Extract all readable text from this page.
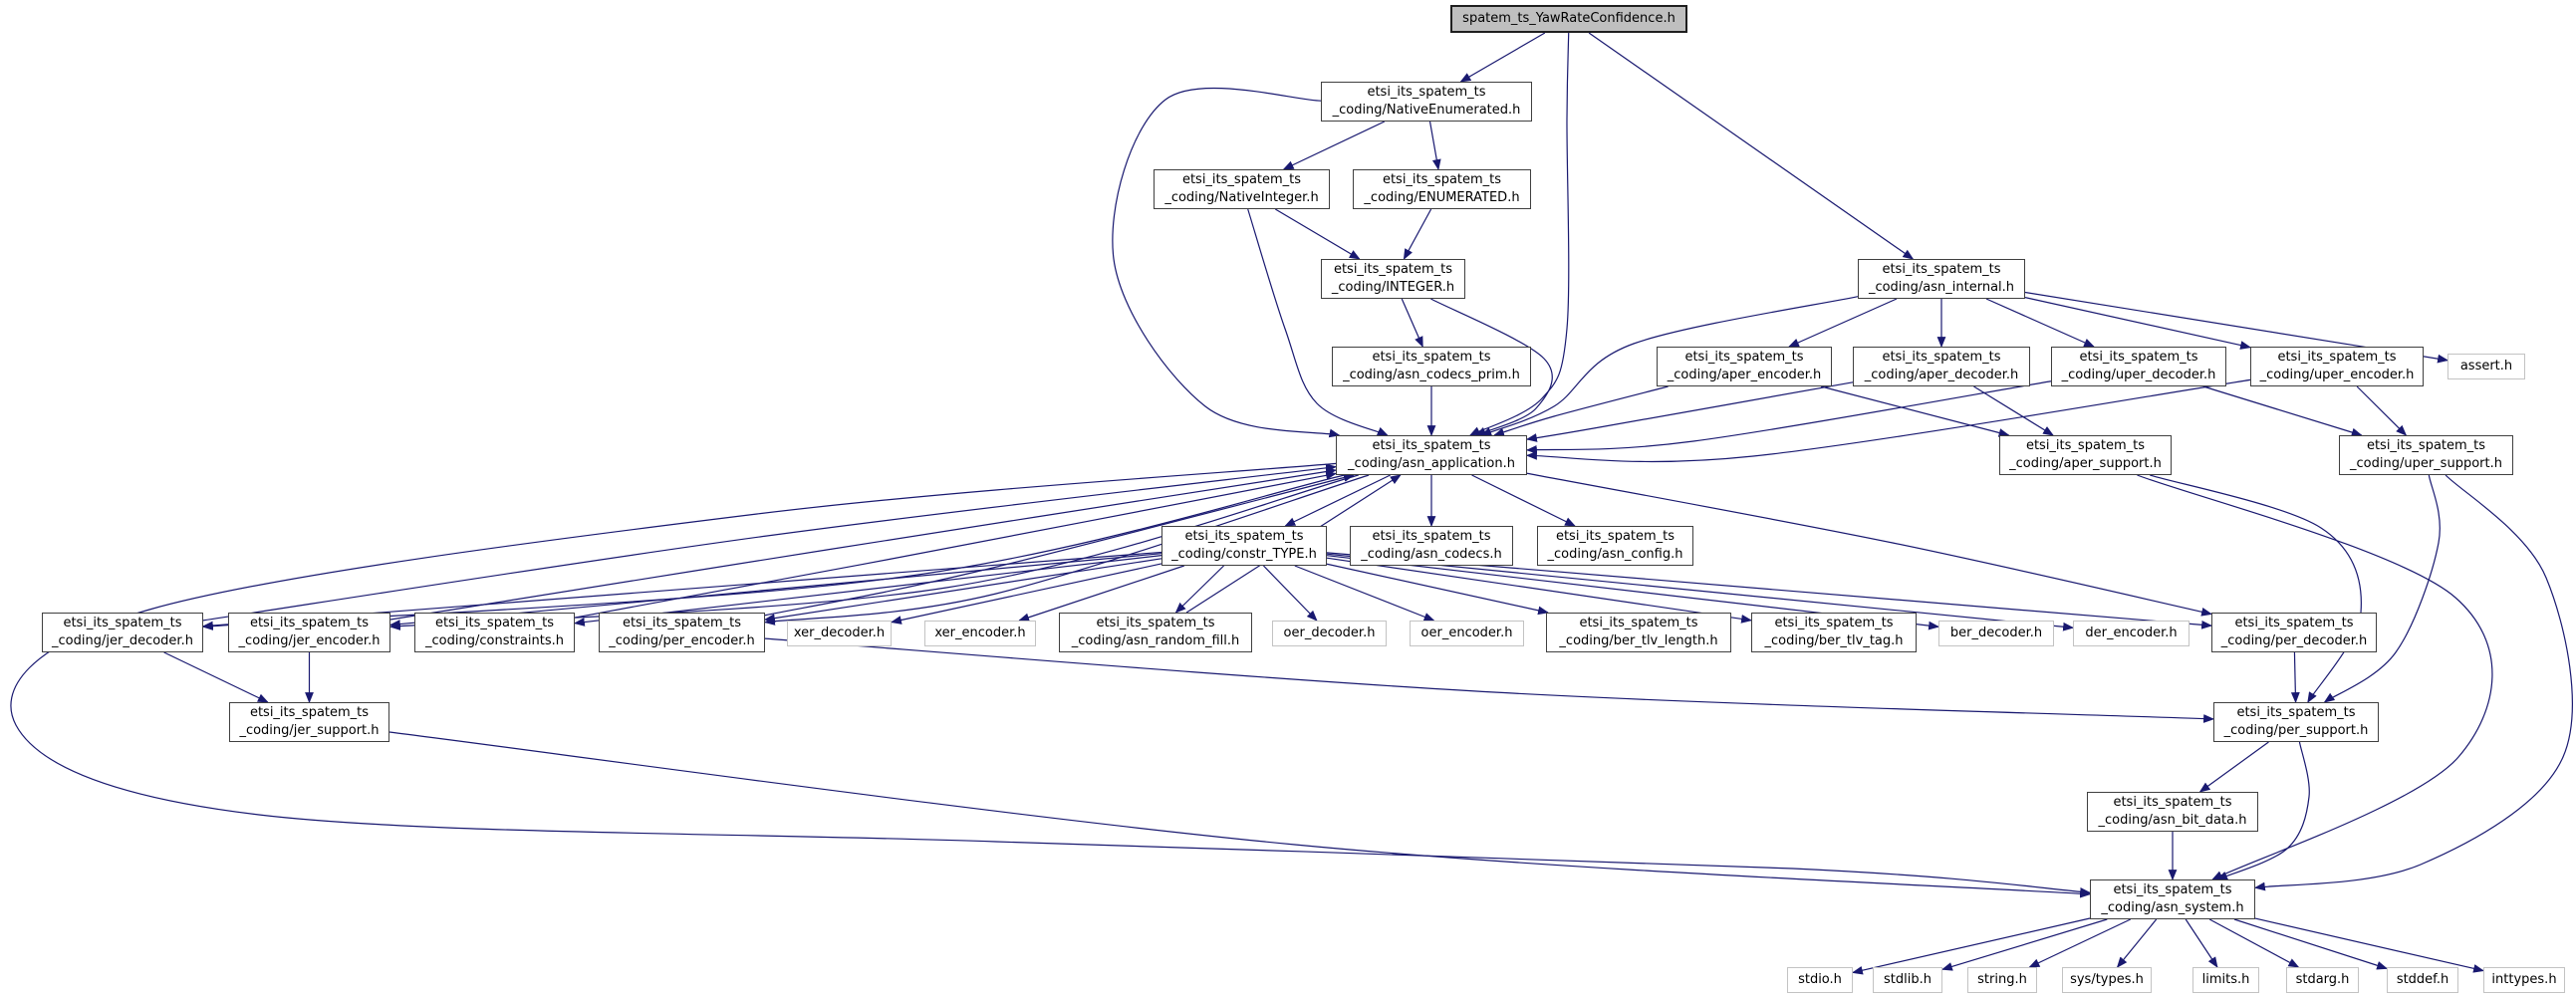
spatem_ts_YawRateConfidence.h
etsi_its_spatem_ts
_coding/NativeEnumerated.h
etsi_its_spatem_ts
_coding/NativeInteger.h
etsi_its_spatem_ts
_coding/ENUMERATED.h
etsi_its_spatem_ts
_coding/INTEGER.h
etsi_its_spatem_ts
_coding/asn_internal.h
etsi_its_spatem_ts
_coding/asn_codecs_prim.h
etsi_its_spatem_ts
_coding/aper_encoder.h
etsi_its_spatem_ts
_coding/aper_decoder.h
etsi_its_spatem_ts
_coding/uper_decoder.h
etsi_its_spatem_ts
_coding/uper_encoder.h
assert.h
etsi_its_spatem_ts
_coding/asn_application.h
etsi_its_spatem_ts
_coding/aper_support.h
etsi_its_spatem_ts
_coding/uper_support.h
etsi_its_spatem_ts
_coding/constr_TYPE.h
etsi_its_spatem_ts
_coding/asn_codecs.h
etsi_its_spatem_ts
_coding/asn_config.h
etsi_its_spatem_ts
_coding/jer_decoder.h
etsi_its_spatem_ts
_coding/jer_encoder.h
etsi_its_spatem_ts
_coding/constraints.h
etsi_its_spatem_ts
_coding/per_encoder.h
xer_decoder.h	xer_encoder.h
etsi_its_spatem_ts
_coding/asn_random_fill.h
oer_decoder.h	oer_encoder.h
etsi_its_spatem_ts
_coding/ber_tlv_length.h
etsi_its_spatem_ts
_coding/ber_tlv_tag.h
ber_decoder.h	der_encoder.h
etsi_its_spatem_ts
_coding/per_decoder.h
etsi_its_spatem_ts
_coding/jer_support.h
etsi_its_spatem_ts
_coding/per_support.h
etsi_its_spatem_ts
_coding/asn_bit_data.h
etsi_its_spatem_ts
_coding/asn_system.h
stdio.h	stdlib.h	string.h	sys/types.h	limits.h	stdarg.h	stddef.h	inttypes.h
